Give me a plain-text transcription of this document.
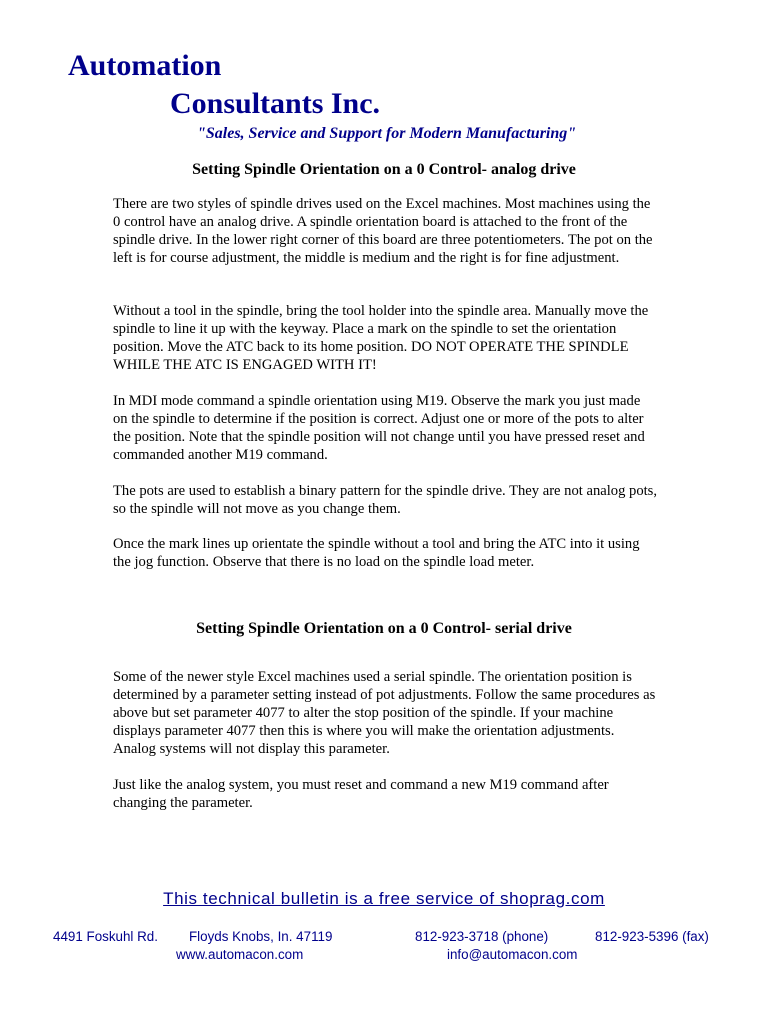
Automation
Consultants Inc.

"Sales, Service and Support for Modern Manufacturing"

Setting Spindle Orientation on a 0 Control- analog drive

There are two styles of spindle drives used on the Excel machines. Most machines using the 0 control have an analog drive. A spindle orientation board is attached to the front of the spindle drive. In the lower right corner of this board are three potentiometers. The pot on the left is for course adjustment, the middle is medium and the right is for fine adjustment.

Without a tool in the spindle, bring the tool holder into the spindle area. Manually move the spindle to line it up with the keyway. Place a mark on the spindle to set the orientation position. Move the ATC back to its home position. DO NOT OPERATE THE SPINDLE WHILE THE ATC IS ENGAGED WITH IT!

In MDI mode command a spindle orientation using M19. Observe the mark you just made on the spindle to determine if the position is correct. Adjust one or more of the pots to alter the position. Note that the spindle position will not change until you have pressed reset and commanded another M19 command.

The pots are used to establish a binary pattern for the spindle drive. They are not analog pots, so the spindle will not move as you change them.

Once the mark lines up orientate the spindle without a tool and bring the ATC into it using the jog function. Observe that there is no load on the spindle load meter.

Setting Spindle Orientation on a 0 Control- serial drive

Some of the newer style Excel machines used a serial spindle. The orientation position is determined by a parameter setting instead of pot adjustments. Follow the same procedures as above but set parameter 4077 to alter the stop position of the spindle. If your machine displays parameter 4077 then this is where you will make the orientation adjustments. Analog systems will not display this parameter.

Just like the analog system, you must reset and command a new M19 command after changing the parameter.

This technical bulletin is a free service of shoprag.com

4491 Foskuhl Rd. Floyds Knobs, In. 47119	812-923-3718 (phone)	812-923-5396 (fax)
www.automacon.com	info@automacon.com
